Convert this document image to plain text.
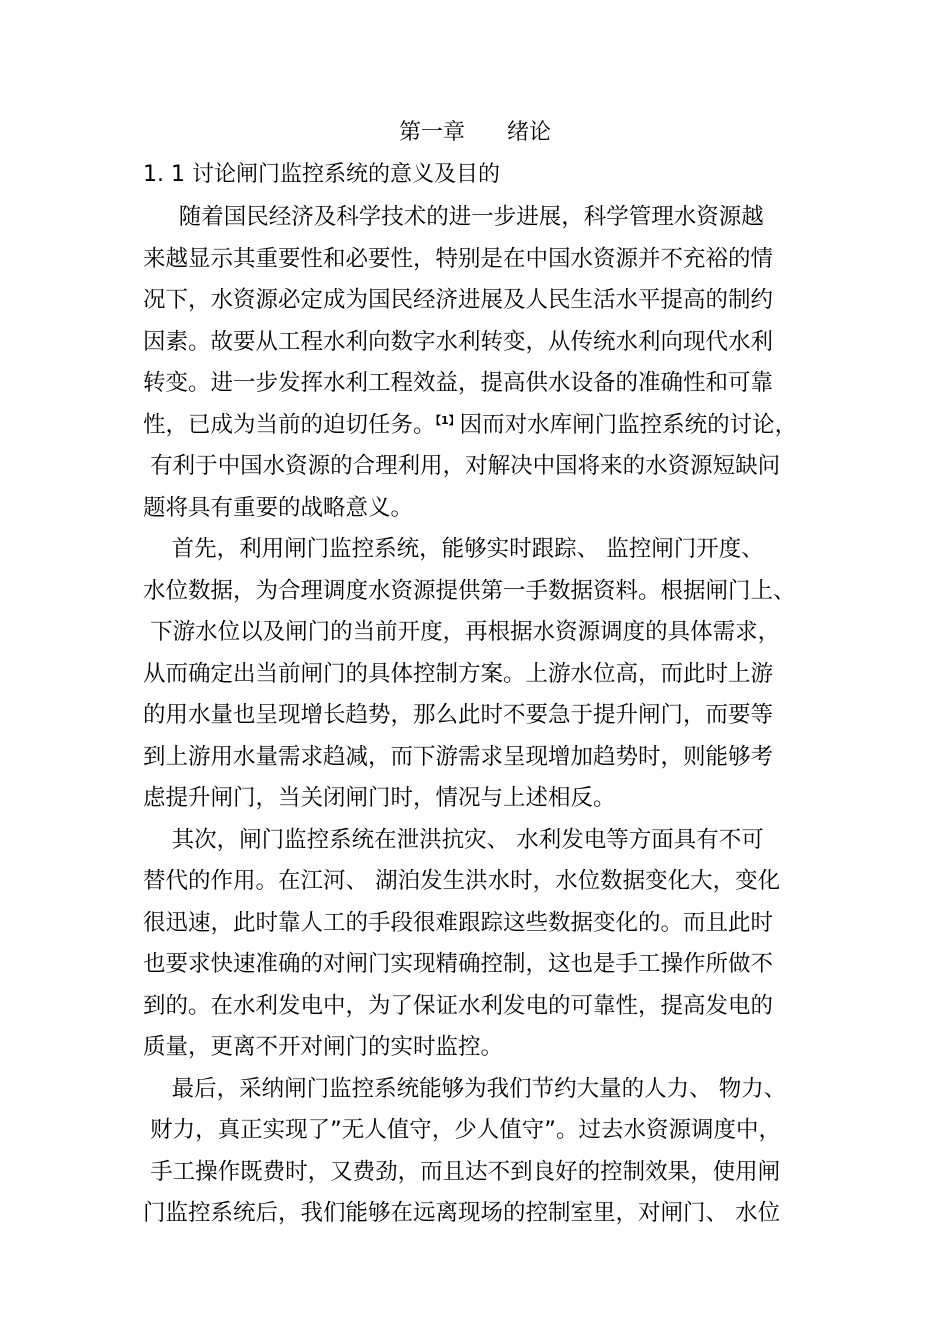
第一章      绪论
1. 1 讨论闸门监控系统的意义及目的
随着国民经济及科学技术的进一步进展，科学管理水资源越
来越显示其重要性和必要性，特别是在中国水资源并不充裕的情
况下，水资源必定成为国民经济进展及人民生活水平提高的制约
因素。故要从工程水利向数字水利转变，从传统水利向现代水利
转变。进一步发挥水利工程效益，提高供水设备的准确性和可靠
性，已成为当前的迫切任务。$^{【1】}$因而对水库闸门监控系统的讨论，
有利于中国水资源的合理利用，对解决中国将来的水资源短缺问
题将具有重要的战略意义。
首先，利用闸门监控系统，能够实时跟踪、 监控闸门开度、
水位数据，为合理调度水资源提供第一手数据资料。根据闸门上、
下游水位以及闸门的当前开度，再根据水资源调度的具体需求，
从而确定出当前闸门的具体控制方案。上游水位高，而此时上游
的用水量也呈现增长趋势，那么此时不要急于提升闸门，而要等
到上游用水量需求趋减，而下游需求呈现增加趋势时，则能够考
虑提升闸门，当关闭闸门时，情况与上述相反。
其次，闸门监控系统在泄洪抗灾、 水利发电等方面具有不可
替代的作用。在江河、 湖泊发生洪水时，水位数据变化大，变化
很迅速，此时靠人工的手段很难跟踪这些数据变化的。而且此时
也要求快速准确的对闸门实现精确控制，这也是手工操作所做不
到的。在水利发电中，为了保证水利发电的可靠性，提高发电的
质量，更离不开对闸门的实时监控。
最后，采纳闸门监控系统能够为我们节约大量的人力、 物力、
财力，真正实现了”无人值守，少人值守”。过去水资源调度中，
手工操作既费时，又费劲，而且达不到良好的控制效果，使用闸
门监控系统后，我们能够在远离现场的控制室里，对闸门、 水位
